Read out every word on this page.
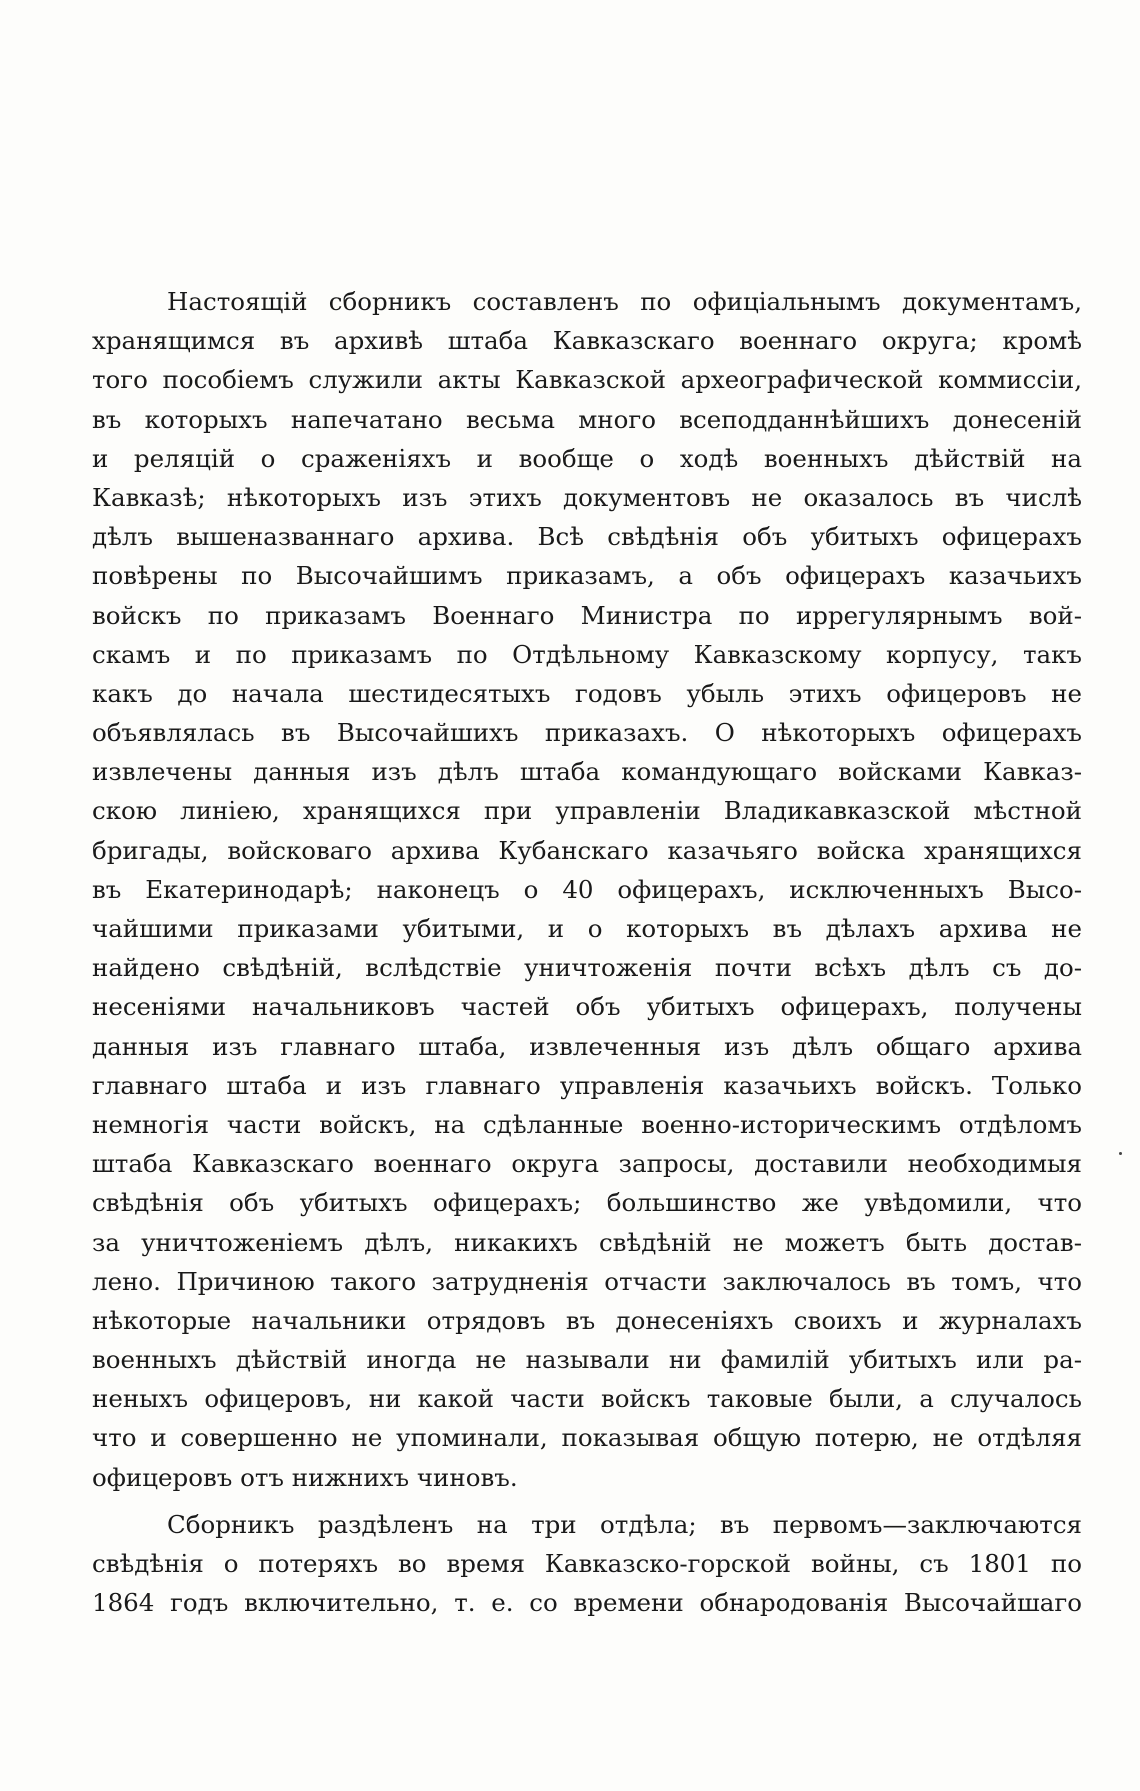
Настоящій сборникъ составленъ по офиціальнымъ документамъ,
хранящимся въ архивѣ штаба Кавказскаго военнаго округа; кромѣ
того пособіемъ служили акты Кавказской археографической коммиссіи,
въ которыхъ напечатано весьма много всеподданнѣйшихъ донесеній
и реляцій о сраженіяхъ и вообще о ходѣ военныхъ дѣйствій на
Кавказѣ; нѣкоторыхъ изъ этихъ документовъ не оказалось въ числѣ
дѣлъ вышеназваннаго архива. Всѣ свѣдѣнія объ убитыхъ офицерахъ
повѣрены по Высочайшимъ приказамъ, а объ офицерахъ казачьихъ
войскъ по приказамъ Военнаго Министра по иррегулярнымъ вой-
скамъ и по приказамъ по Отдѣльному Кавказскому корпусу, такъ
какъ до начала шестидесятыхъ годовъ убыль этихъ офицеровъ не
объявлялась въ Высочайшихъ приказахъ. О нѣкоторыхъ офицерахъ
извлечены данныя изъ дѣлъ штаба командующаго войсками Кавказ-
скою линіею, хранящихся при управленіи Владикавказской мѣстной
бригады, войсковаго архива Кубанскаго казачьяго войска хранящихся
въ Екатеринодарѣ; наконецъ о 40 офицерахъ, исключенныхъ Высо-
чайшими приказами убитыми, и о которыхъ въ дѣлахъ архива не
найдено свѣдѣній, вслѣдствіе уничтоженія почти всѣхъ дѣлъ съ до-
несеніями начальниковъ частей объ убитыхъ офицерахъ, получены
данныя изъ главнаго штаба, извлеченныя изъ дѣлъ общаго архива
главнаго штаба и изъ главнаго управленія казачьихъ войскъ. Только
немногія части войскъ, на сдѣланные военно-историческимъ отдѣломъ
штаба Кавказскаго военнаго округа запросы, доставили необходимыя
свѣдѣнія объ убитыхъ офицерахъ; большинство же увѣдомили, что
за уничтоженіемъ дѣлъ, никакихъ свѣдѣній не можетъ быть достав-
лено. Причиною такого затрудненія отчасти заключалось въ томъ, что
нѣкоторые начальники отрядовъ въ донесеніяхъ своихъ и журналахъ
военныхъ дѣйствій иногда не называли ни фамилій убитыхъ или ра-
неныхъ офицеровъ, ни какой части войскъ таковые были, а случалось
что и совершенно не упоминали, показывая общую потерю, не отдѣляя
офицеровъ отъ нижнихъ чиновъ.
Сборникъ раздѣленъ на три отдѣла; въ первомъ—заключаются
свѣдѣнія о потеряхъ во время Кавказско-горской войны, съ 1801 по
1864 годъ включительно, т. е. со времени обнародованія Высочайшаго
